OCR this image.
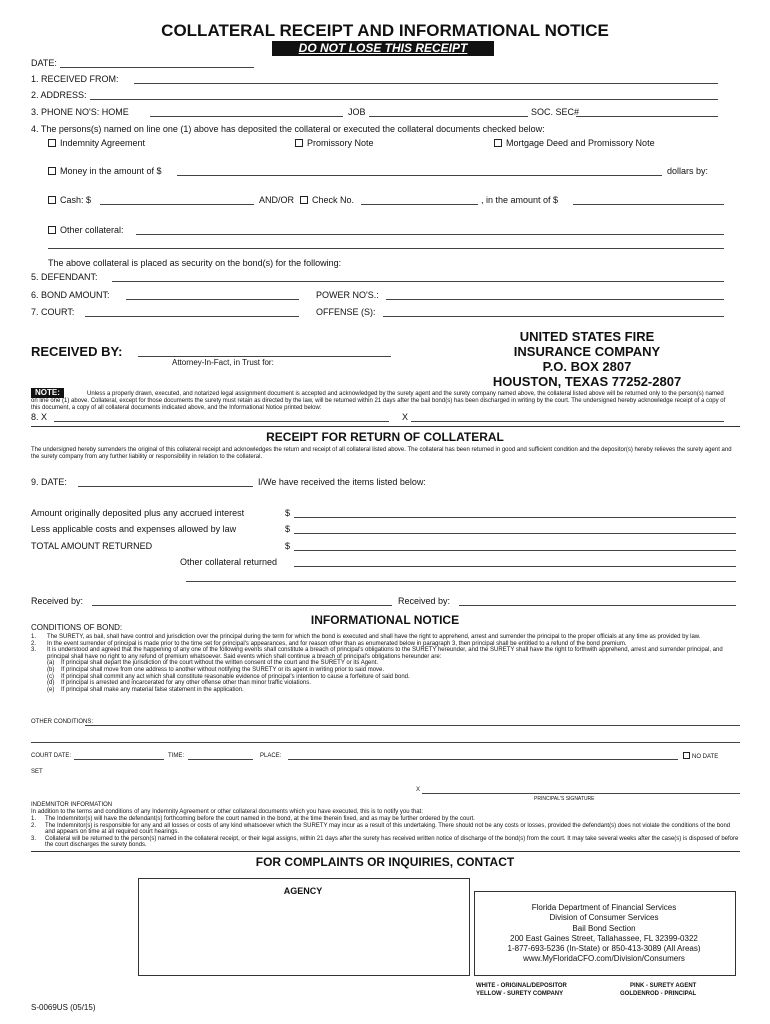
COLLATERAL RECEIPT AND INFORMATIONAL NOTICE
DO NOT LOSE THIS RECEIPT
DATE:
1. RECEIVED FROM:
2. ADDRESS:
3. PHONE NO'S: HOME	JOB	SOC. SEC#
4. The persons(s) named on line one (1) above has deposited the collateral or executed the collateral documents checked below:
Indemnity Agreement	Promissory Note	Mortgage Deed and Promissory Note
Money in the amount of $	dollars by:
Cash: $	AND/OR	Check No.	, in the amount of $
Other collateral:
The above collateral is placed as security on the bond(s) for the following:
5. DEFENDANT:
6. BOND AMOUNT:	POWER NO'S.:
7. COURT:	OFFENSE (S):
RECEIVED BY:
Attorney-In-Fact, in Trust for:
UNITED STATES FIRE
INSURANCE COMPANY
P.O. BOX 2807
HOUSTON, TEXAS 77252-2807
NOTE:	Unless a properly drawn, executed, and notarized legal assignment document is accepted and acknowledged by the surety agent and the surety company named above, the collateral listed above will be returned only to the person(s) named on line one (1) above. Collateral, except for those documents the surety must retain as directed by the law, will be returned within 21 days after the bail bond(s) has been discharged in writing by the court. The undersigned hereby acknowledge receipt of a copy of this document, a copy of all collateral documents indicated above, and the Informational Notice printed below:
8. X	X
RECEIPT FOR RETURN OF COLLATERAL
The undersigned hereby surrenders the original of this collateral receipt and acknowledges the return and receipt of all collateral listed above. The collateral has been returned in good and sufficient condition and the depositor(s) hereby relieves the surety agent and the surety company from any further liability or responsibility in relation to the collateral.
9. DATE:	I/We have received the items listed below:
Amount originally deposited plus any accrued interest	$
Less applicable costs and expenses allowed by law	$
TOTAL AMOUNT RETURNED	$
Other collateral returned
Received by:	Received by:
INFORMATIONAL NOTICE
CONDITIONS OF BOND:
1.	The SURETY, as bail, shall have control and jurisdiction over the principal during the term for which the bond is executed and shall have the right to apprehend, arrest and surrender the principal to the proper officials at any time as provided by law.
2.	In the event surrender of principal is made prior to the time set for principal's appearances, and for reason other than as enumerated below in paragraph 3, then principal shall be entitled to a refund of the bond premium.
3.	It is understood and agreed that the happening of any one of the following events shall constitute a breach of principal's obligations to the SURETY hereunder, and the SURETY shall have the right to forthwith apprehend, arrest and surrender principal, and principal shall have no right to any refund of premium whatsoever. Said events which shall continue a breach of principal's obligations hereunder are:
(a)	If principal shall depart the jurisdiction of the court without the written consent of the court and the SURETY or its Agent.
(b)	If principal shall move from one address to another without notifying the SURETY or its agent in writing prior to said move.
(c)	If principal shall commit any act which shall constitute reasonable evidence of principal's intention to cause a forfeiture of said bond.
(d)	If principal is arrested and incarcerated for any other offense other than minor traffic violations.
(e)	If principal shall make any material false statement in the application.
OTHER CONDITIONS:
COURT DATE:	TIME:	PLACE:	NO DATE
SET
X
PRINCIPAL'S SIGNATURE
INDEMNITOR INFORMATION
In addition to the terms and conditions of any Indemnity Agreement or other collateral documents which you have executed, this is to notify you that:
1.	The Indemnitor(s) will have the defendant(s) forthcoming before the court named in the bond, at the time therein fixed, and as may be further ordered by the court.
2.	The Indemnitor(s) is responsible for any and all losses or costs of any kind whatsoever which the SURETY may incur as a result of this undertaking. There should not be any costs or losses, provided the defendant(s) does not violate the conditions of the bond and appears on time at all required court hearings.
3.	Collateral will be returned to the person(s) named in the collateral receipt, or their legal assigns, within 21 days after the surety has received written notice of discharge of the bond(s) from the court. It may take several weeks after the case(s) is disposed of before the court discharges the surety bonds.
FOR COMPLAINTS OR INQUIRIES, CONTACT
AGENCY
Florida Department of Financial Services
Division of Consumer Services
Bail Bond Section
200 East Gaines Street, Tallahassee, FL 32399-0322
1-877-693-5236 (In-State) or 850-413-3089 (All Areas)
www.MyFloridaCFO.com/Division/Consumers
WHITE - ORIGINAL/DEPOSITOR
YELLOW - SURETY COMPANY
PINK - SURETY AGENT
GOLDENROD - PRINCIPAL
S-0069US (05/15)
